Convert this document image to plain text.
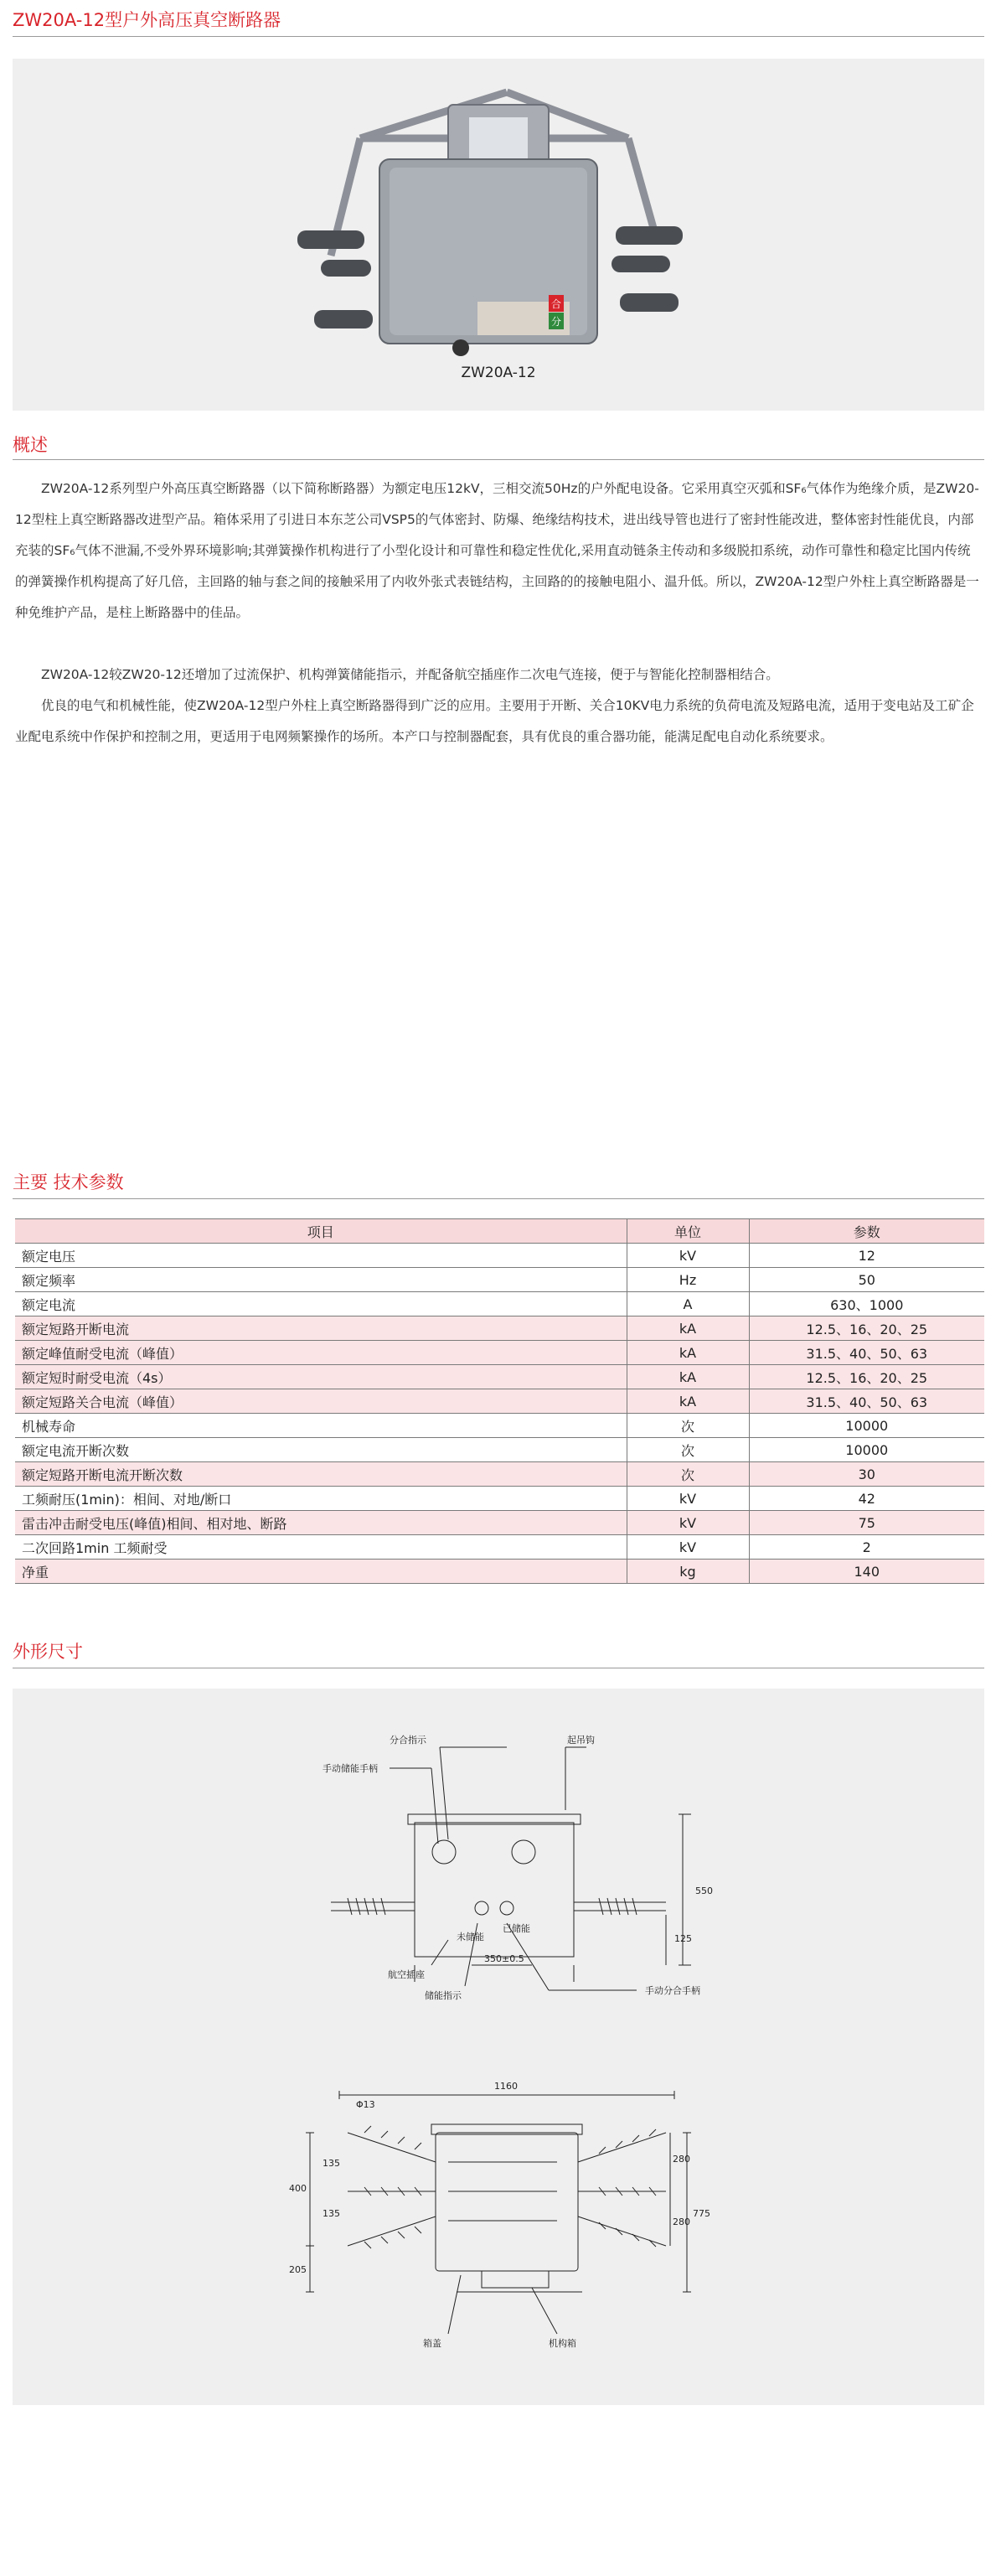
ZW20A-12型户外高压真空断路器
合
分
ZW20A-12
概述

ZW20A-12系列型户外高压真空断路器（以下简称断路器）为额定电压12kV，三相交流50Hz的户外配电设备。它采用真空灭弧和SF₆气体作为绝缘介质，是ZW20-12型柱上真空断路器改进型产品。箱体采用了引进日本东芝公司VSP5的气体密封、防爆、绝缘结构技术，进出线导管也进行了密封性能改进，整体密封性能优良，内部充装的SF₆气体不泄漏,不受外界环境影响;其弹簧操作机构进行了小型化设计和可靠性和稳定性优化,采用直动链条主传动和多级脱扣系统，动作可靠性和稳定比国内传统的弹簧操作机构提高了好几倍，主回路的轴与套之间的接触采用了内收外张式表链结构，主回路的的接触电阻小、温升低。所以，ZW20A-12型户外柱上真空断路器是一种免维护产品，是柱上断路器中的佳品。

ZW20A-12较ZW20-12还增加了过流保护、机构弹簧储能指示，并配备航空插座作二次电气连接，便于与智能化控制器相结合。

优良的电气和机械性能，使ZW20A-12型户外柱上真空断路器得到广泛的应用。主要用于开断、关合10KV电力系统的负荷电流及短路电流，适用于变电站及工矿企业配电系统中作保护和控制之用，更适用于电网频繁操作的场所。本产口与控制器配套，具有优良的重合器功能，能满足配电自动化系统要求。

主要 技术参数
项目	单位	参数
额定电压	kV	12
额定频率	Hz	50
额定电流	A	630、1000
额定短路开断电流	kA	12.5、16、20、25
额定峰值耐受电流（峰值）	kA	31.5、40、50、63
额定短时耐受电流（4s）	kA	12.5、16、20、25
额定短路关合电流（峰值）	kA	31.5、40、50、63
机械寿命	次	10000
额定电流开断次数	次	10000
额定短路开断电流开断次数	次	30
工频耐压(1min)：相间、对地/断口	kV	42
雷击冲击耐受电压(峰值)相间、相对地、断路	kV	75
二次回路1min 工频耐受	kV	2
净重	kg	140
外形尺寸
分合指示	起吊钩
手动储能手柄
航空插座
储能指示	手动分合手柄
未储能
已储能
550
125
350±0.5
1160
Φ13
135
135
400
205
280
280
775
箱盖	机构箱
